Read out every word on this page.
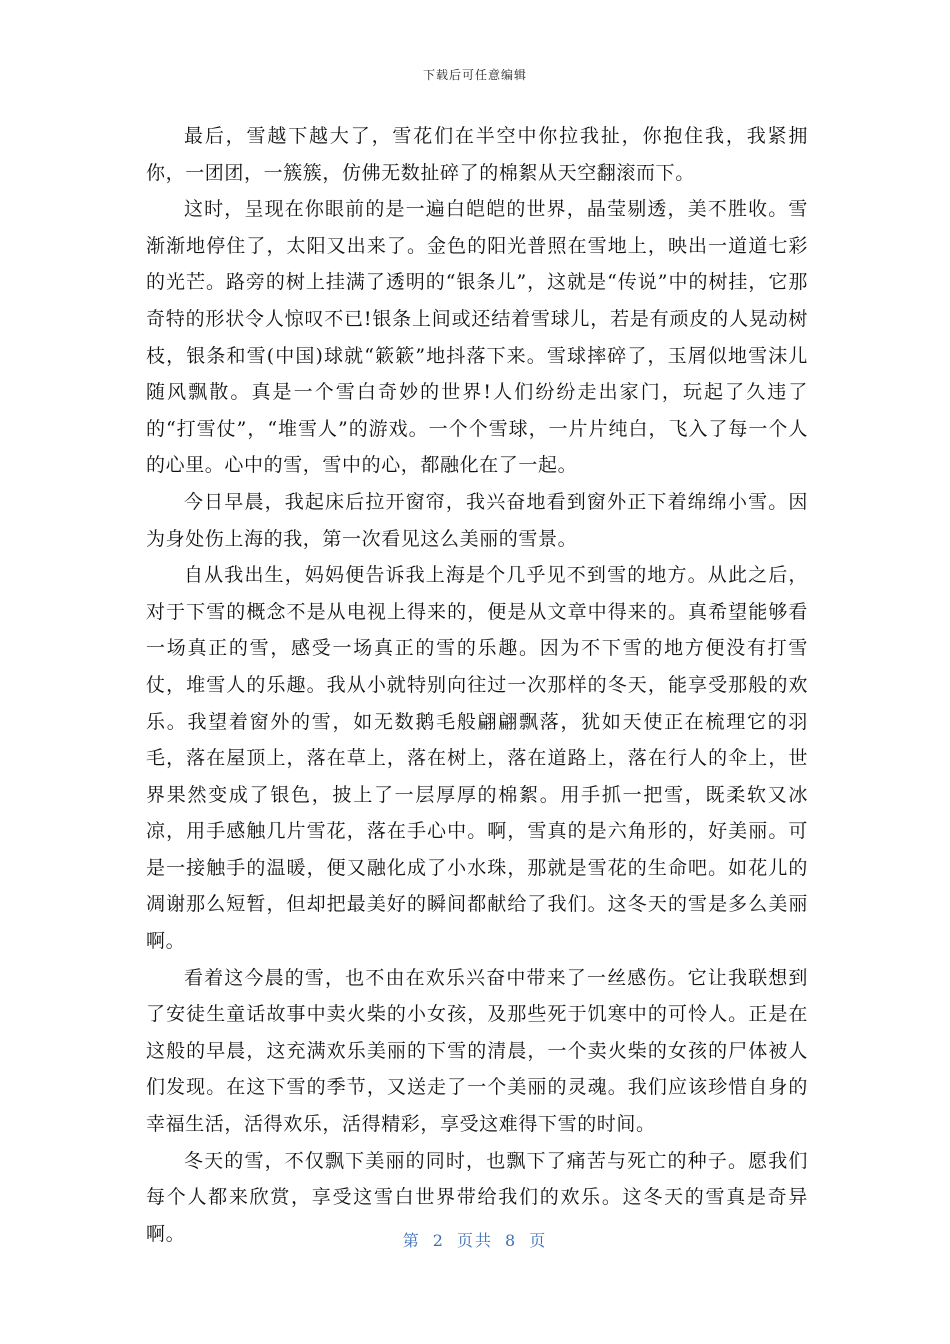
下载后可任意编辑

最后，雪越下越大了，雪花们在半空中你拉我扯，你抱住我，我紧拥你，一团团，一簇簇，仿佛无数扯碎了的棉絮从天空翻滚而下。

这时，呈现在你眼前的是一遍白皑皑的世界，晶莹剔透，美不胜收。雪渐渐地停住了，太阳又出来了。金色的阳光普照在雪地上，映出一道道七彩的光芒。路旁的树上挂满了透明的“银条儿”，这就是“传说”中的树挂，它那奇特的形状令人惊叹不已!银条上间或还结着雪球儿，若是有顽皮的人晃动树枝，银条和雪(中国)球就“簌簌”地抖落下来。雪球摔碎了，玉屑似地雪沫儿随风飘散。真是一个雪白奇妙的世界!人们纷纷走出家门，玩起了久违了的“打雪仗”，“堆雪人”的游戏。一个个雪球，一片片纯白，飞入了每一个人的心里。心中的雪，雪中的心，都融化在了一起。

今日早晨，我起床后拉开窗帘，我兴奋地看到窗外正下着绵绵小雪。因为身处伤上海的我，第一次看见这么美丽的雪景。

自从我出生，妈妈便告诉我上海是个几乎见不到雪的地方。从此之后，对于下雪的概念不是从电视上得来的，便是从文章中得来的。真希望能够看一场真正的雪，感受一场真正的雪的乐趣。因为不下雪的地方便没有打雪仗，堆雪人的乐趣。我从小就特别向往过一次那样的冬天，能享受那般的欢乐。我望着窗外的雪，如无数鹅毛般翩翩飘落，犹如天使正在梳理它的羽毛，落在屋顶上，落在草上，落在树上，落在道路上，落在行人的伞上，世界果然变成了银色，披上了一层厚厚的棉絮。用手抓一把雪，既柔软又冰凉，用手感触几片雪花，落在手心中。啊，雪真的是六角形的，好美丽。可是一接触手的温暖，便又融化成了小水珠，那就是雪花的生命吧。如花儿的凋谢那么短暂，但却把最美好的瞬间都献给了我们。这冬天的雪是多么美丽啊。

看着这今晨的雪，也不由在欢乐兴奋中带来了一丝感伤。它让我联想到了安徒生童话故事中卖火柴的小女孩，及那些死于饥寒中的可怜人。正是在这般的早晨，这充满欢乐美丽的下雪的清晨，一个卖火柴的女孩的尸体被人们发现。在这下雪的季节，又送走了一个美丽的灵魂。我们应该珍惜自身的幸福生活，活得欢乐，活得精彩，享受这难得下雪的时间。

冬天的雪，不仅飘下美丽的同时，也飘下了痛苦与死亡的种子。愿我们每个人都来欣赏，享受这雪白世界带给我们的欢乐。这冬天的雪真是奇异啊。	第 2 页共 8 页
